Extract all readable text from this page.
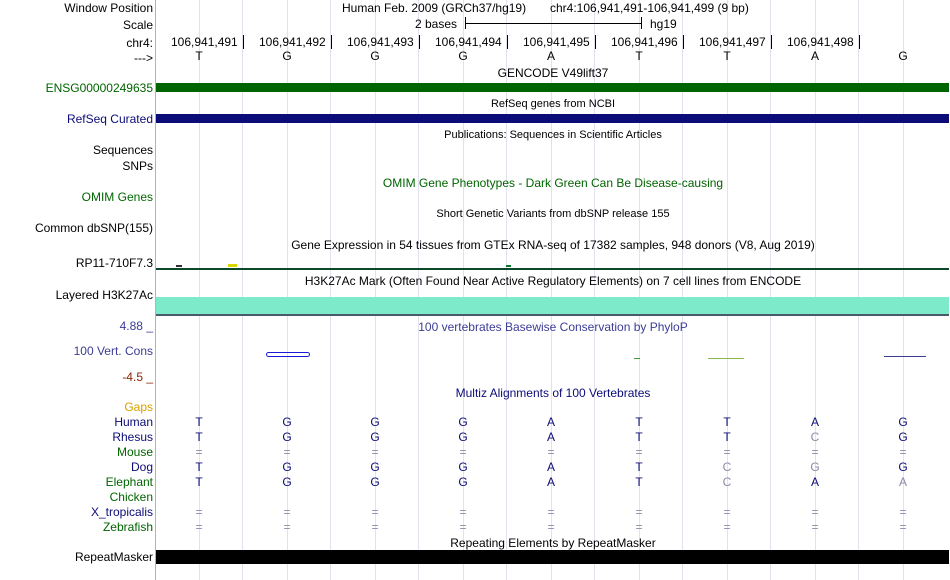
Window Position
Scale
chr4:
--->
Human Feb. 2009 (GRCh37/hg19) chr4:106,941,491-106,941,499 (9 bp)
2 bases	hg19
106,941,491 106,941,492 106,941,493 106,941,494 106,941,495 106,941,496 106,941,497 106,941,498
T	G	G	G	A	T	T	A	G
GENCODE V49lift37
ENSG00000249635
RefSeq genes from NCBI
RefSeq Curated
Publications: Sequences in Scientific Articles
Sequences
SNPs
OMIM Gene Phenotypes - Dark Green Can Be Disease-causing
OMIM Genes
Short Genetic Variants from dbSNP release 155
Common dbSNP(155)
Gene Expression in 54 tissues from GTEx RNA-seq of 17382 samples, 948 donors (V8, Aug 2019)
RP11-710F7.3
H3K27Ac Mark (Often Found Near Active Regulatory Elements) on 7 cell lines from ENCODE
Layered H3K27Ac
4.88 _	100 vertebrates Basewise Conservation by PhyloP
100 Vert. Cons
-4.5 _
Multiz Alignments of 100 Vertebrates
Gaps
Human	T	G	G	G	A	T	T	A	G
Rhesus	T	G	G	G	A	T	T	C	G
Mouse	=	=	=	=	=	=	=	=	=
Dog	T	G	G	G	A	T	C	G	G
Elephant	T	G	G	G	A	T	C	A	A
Chicken
X_tropicalis	=	=	=	=	=	=	=	=	=
Zebrafish	=	=	=	=	=	=	=	=	=
Repeating Elements by RepeatMasker
RepeatMasker
